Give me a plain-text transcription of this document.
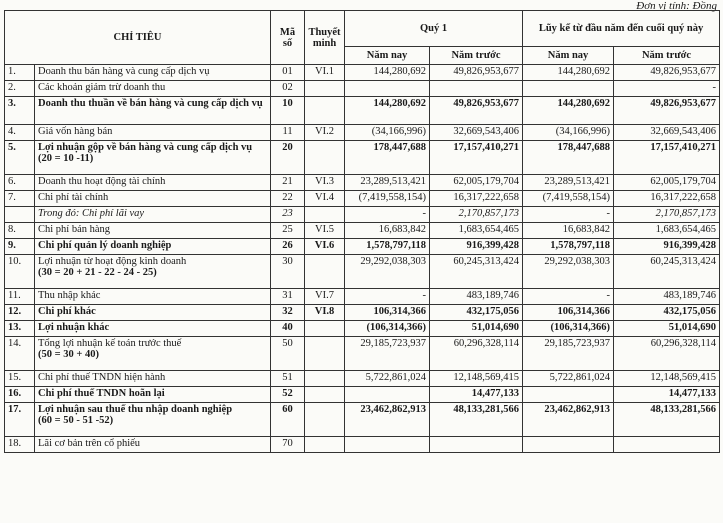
Đơn vị tính: Đồng
CHỈ TIÊU		Mã số	Thuyết minh	Quý 1		Lũy kế từ đầu năm đến cuối quý này	
				Năm nay	Năm trước	Năm nay	Năm trước
1.	Doanh thu bán hàng và cung cấp dịch vụ	01	VI.1	144,280,692	49,826,953,677	144,280,692	49,826,953,677
2.	Các khoản giảm trừ doanh thu	02					-
3.	Doanh thu thuần về bán hàng và cung cấp dịch vụ	10		144,280,692	49,826,953,677	144,280,692	49,826,953,677
4.	Giá vốn hàng bán	11	VI.2	(34,166,996)	32,669,543,406	(34,166,996)	32,669,543,406
5.	Lợi nhuận gộp về bán hàng và cung cấp dịch vụ
(20 = 10 -11)	20		178,447,688	17,157,410,271	178,447,688	17,157,410,271
6.	Doanh thu hoạt động tài chính	21	VI.3	23,289,513,421	62,005,179,704	23,289,513,421	62,005,179,704
7.	Chi phí tài chính	22	VI.4	(7,419,558,154)	16,317,222,658	(7,419,558,154)	16,317,222,658
	Trong đó: Chi phí lãi vay	23		-	2,170,857,173	-	2,170,857,173
8.	Chi phí bán hàng	25	VI.5	16,683,842	1,683,654,465	16,683,842	1,683,654,465
9.	Chi phí quản lý doanh nghiệp	26	VI.6	1,578,797,118	916,399,428	1,578,797,118	916,399,428
10.	Lợi nhuận từ hoạt động kinh doanh
(30 = 20 + 21 - 22 - 24 - 25)	30		29,292,038,303	60,245,313,424	29,292,038,303	60,245,313,424
11.	Thu nhập khác	31	VI.7	-	483,189,746	-	483,189,746
12.	Chi phí khác	32	VI.8	106,314,366	432,175,056	106,314,366	432,175,056
13.	Lợi nhuận khác	40		(106,314,366)	51,014,690	(106,314,366)	51,014,690
14.	Tổng lợi nhuận kế toán trước thuế
(50 = 30 + 40)	50		29,185,723,937	60,296,328,114	29,185,723,937	60,296,328,114
15.	Chi phí thuế TNDN hiện hành	51		5,722,861,024	12,148,569,415	5,722,861,024	12,148,569,415
16.	Chi phí thuế TNDN hoãn lại	52			14,477,133		14,477,133
17.	Lợi nhuận sau thuế thu nhập doanh nghiệp
(60 = 50 - 51 -52)	60		23,462,862,913	48,133,281,566	23,462,862,913	48,133,281,566
18.	Lãi cơ bản trên cổ phiếu	70					
